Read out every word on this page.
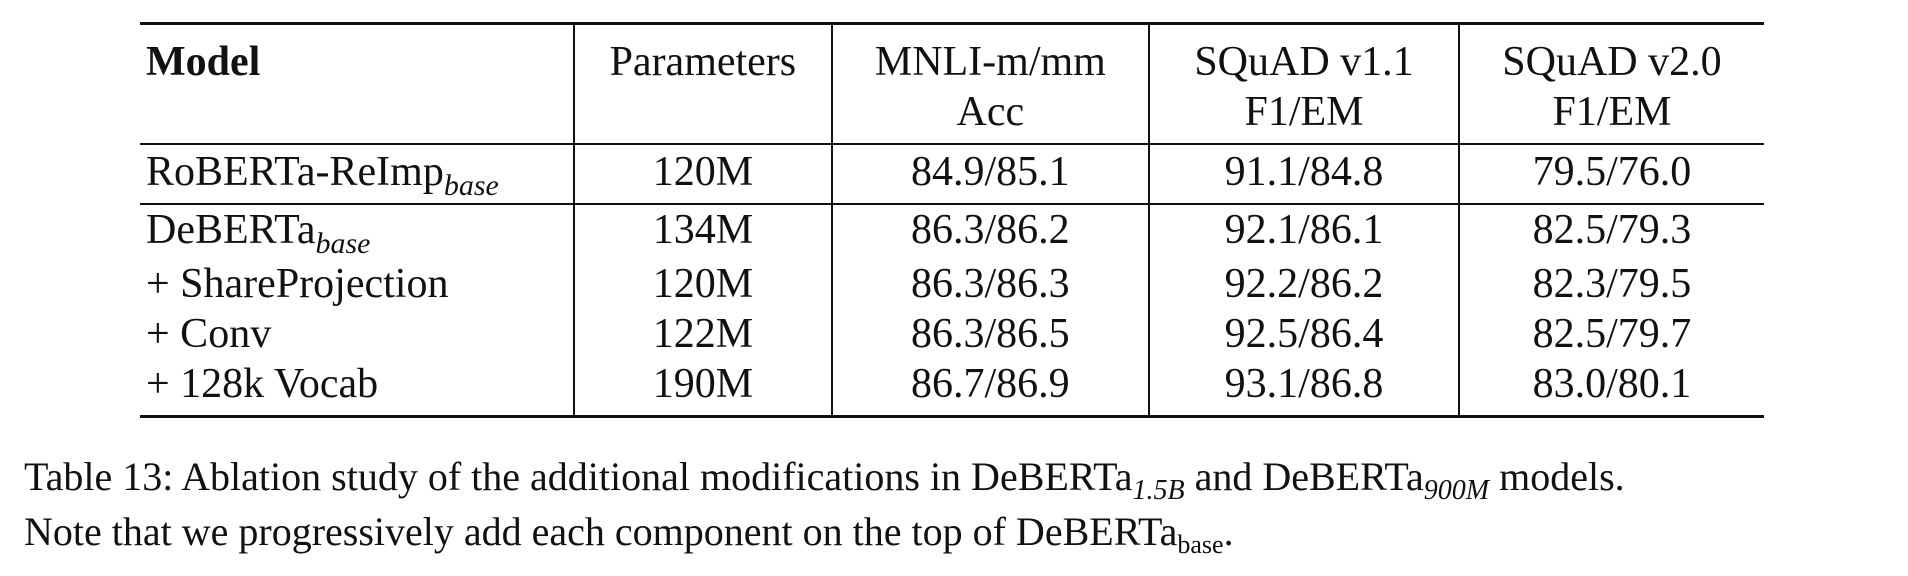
Model	Parameters	MNLI-m/mm	SQuAD v1.1	SQuAD v2.0
		Acc	F1/EM	F1/EM
RoBERTa-ReImp$_{base}$	120M	84.9/85.1	91.1/84.8	79.5/76.0
DeBERTa$_{base}$	134M	86.3/86.2	92.1/86.1	82.5/79.3
+ ShareProjection	120M	86.3/86.3	92.2/86.2	82.3/79.5
+ Conv	122M	86.3/86.5	92.5/86.4	82.5/79.7
+ 128k Vocab	190M	86.7/86.9	93.1/86.8	83.0/80.1
Table 13: Ablation study of the additional modifications in DeBERTa$_{1.5B}$ and DeBERTa$_{900M}$ models.
Note that we progressively add each component on the top of DeBERTa$_{base}$.
